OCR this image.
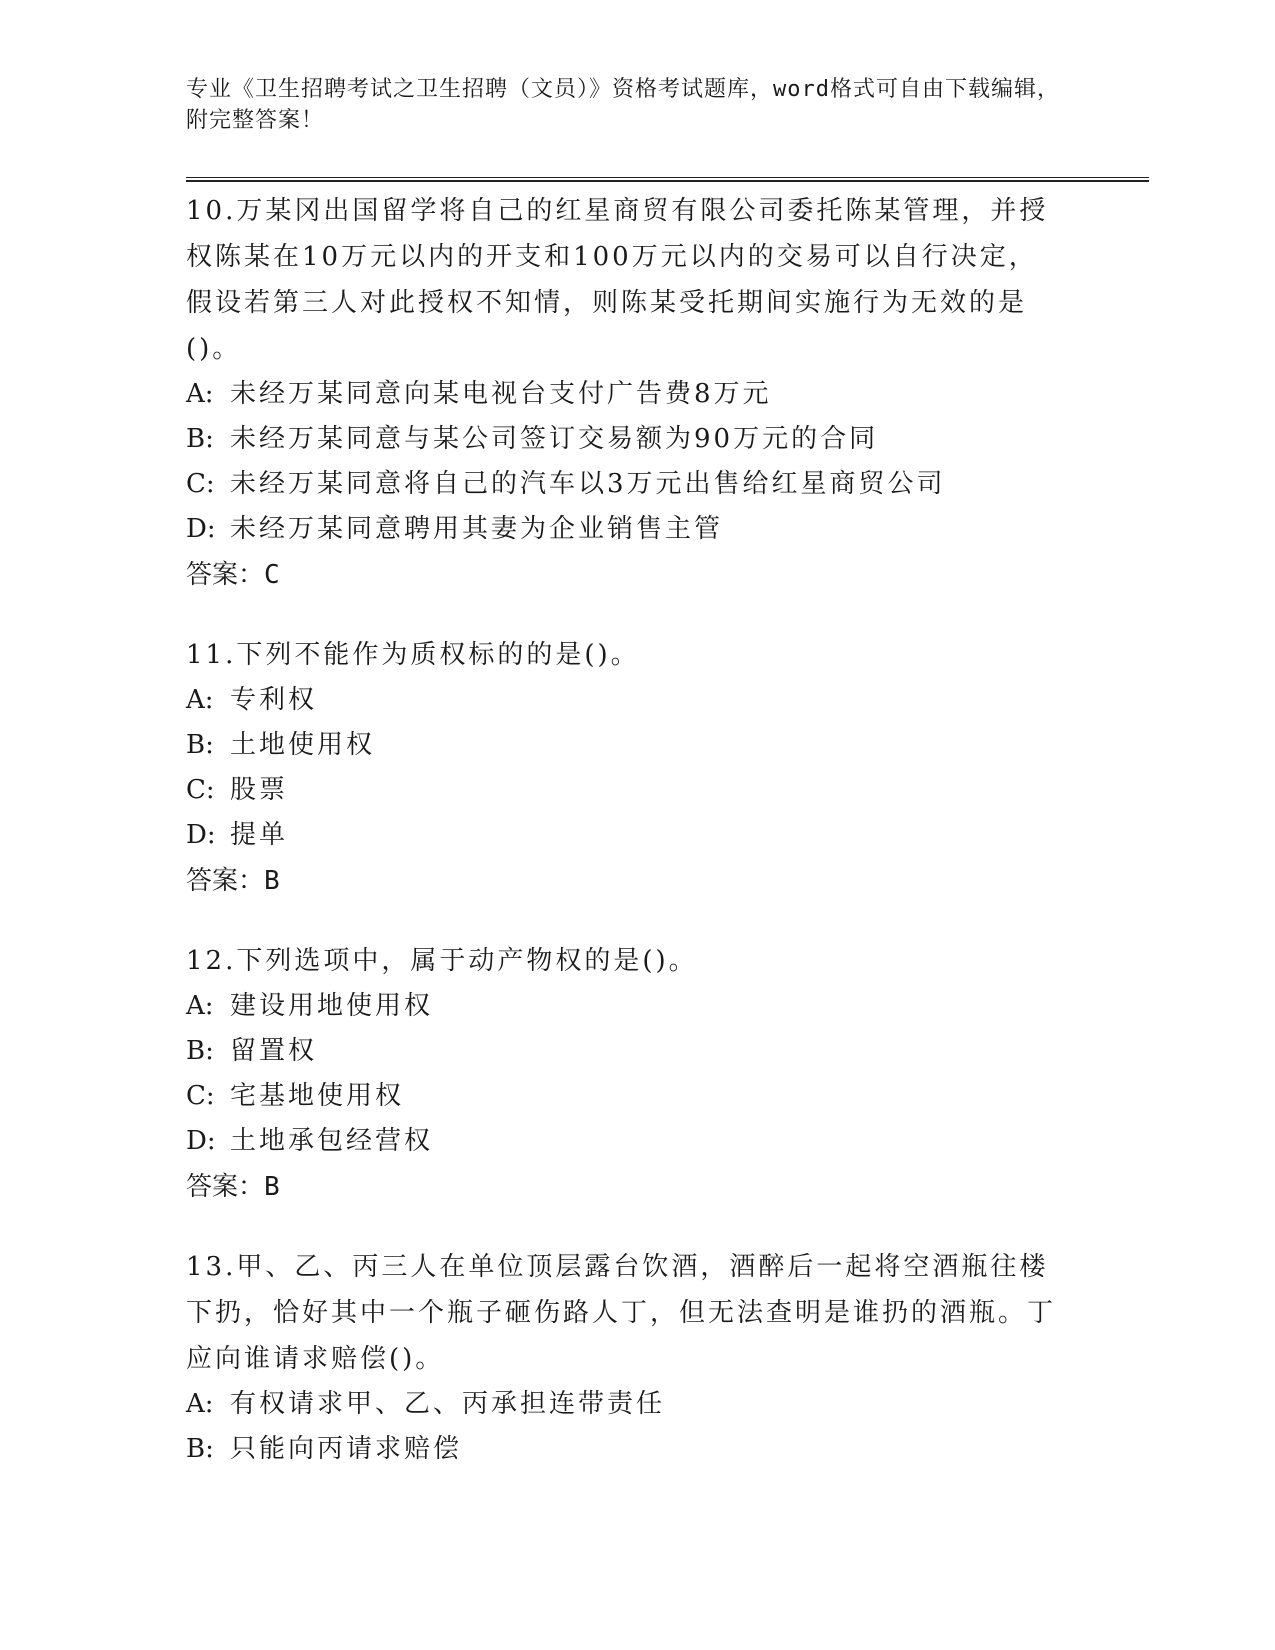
专业《卫生招聘考试之卫生招聘（文员）》资格考试题库，word格式可自由下载编辑，附完整答案！

10.万某冈出国留学将自己的红星商贸有限公司委托陈某管理，并授权陈某在10万元以内的开支和100万元以内的交易可以自行决定，假设若第三人对此授权不知情，则陈某受托期间实施行为无效的是()。

A: 未经万某同意向某电视台支付广告费8万元

B: 未经万某同意与某公司签订交易额为90万元的合同

C: 未经万某同意将自己的汽车以3万元出售给红星商贸公司

D: 未经万某同意聘用其妻为企业销售主管

答案：C

11.下列不能作为质权标的的是()。

A: 专利权

B: 土地使用权

C: 股票

D: 提单

答案：B

12.下列选项中，属于动产物权的是()。

A: 建设用地使用权

B: 留置权

C: 宅基地使用权

D: 土地承包经营权

答案：B

13.甲、乙、丙三人在单位顶层露台饮酒，酒醉后一起将空酒瓶往楼下扔，恰好其中一个瓶子砸伤路人丁，但无法查明是谁扔的酒瓶。丁应向谁请求赔偿()。

A: 有权请求甲、乙、丙承担连带责任

B: 只能向丙请求赔偿
